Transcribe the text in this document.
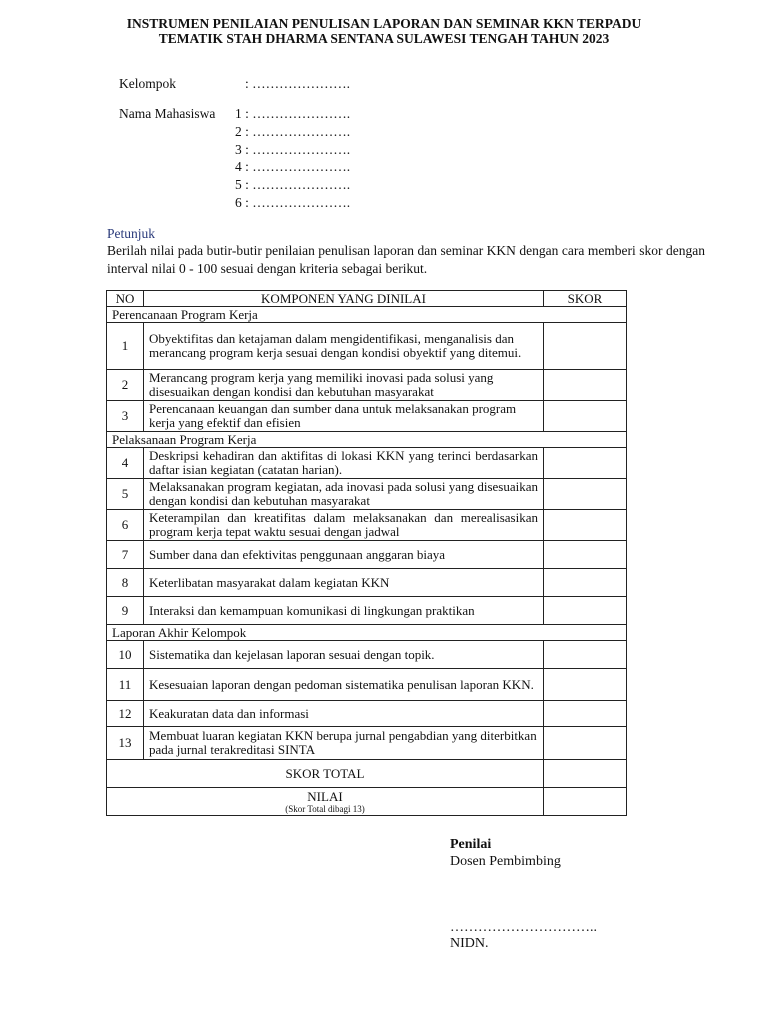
INSTRUMEN PENILAIAN PENULISAN LAPORAN DAN SEMINAR KKN TERPADU
TEMATIK STAH DHARMA SENTANA SULAWESI TENGAH TAHUN 2023
Kelompok	: ………………….
Nama Mahasiswa 1 : ………………….
2 : ………………….
3 : ………………….
4 : ………………….
5 : ………………….
6 : ………………….
Petunjuk
Berilah nilai pada butir-butir penilaian penulisan laporan dan seminar KKN dengan cara memberi skor dengan interval nilai 0 - 100 sesuai dengan kriteria sebagai berikut.
NO	KOMPONEN YANG DINILAI	SKOR
Perencanaan Program Kerja		
1	Obyektifitas dan ketajaman dalam mengidentifikasi, menganalisis dan merancang program kerja sesuai dengan kondisi obyektif yang ditemui.	
2	Merancang program kerja yang memiliki inovasi pada solusi yang disesuaikan dengan kondisi dan kebutuhan masyarakat	
3	Perencanaan keuangan dan sumber dana untuk melaksanakan program kerja yang efektif dan efisien	
Pelaksanaan Program Kerja		
4	Deskripsi kehadiran dan aktifitas di lokasi KKN yang terinci berdasarkan daftar isian kegiatan (catatan harian).	
5	Melaksanakan program kegiatan, ada inovasi pada solusi yang disesuaikan dengan kondisi dan kebutuhan masyarakat	
6	Keterampilan dan kreatifitas dalam melaksanakan dan merealisasikan program kerja tepat waktu sesuai dengan jadwal	
7	Sumber dana dan efektivitas penggunaan anggaran biaya	
8	Keterlibatan masyarakat dalam kegiatan KKN	
9	Interaksi dan kemampuan komunikasi di lingkungan praktikan	
Laporan Akhir Kelompok		
10	Sistematika dan kejelasan laporan sesuai dengan topik.	
11	Kesesuaian laporan dengan pedoman sistematika penulisan laporan KKN.	
12	Keakuratan data dan informasi	
13	Membuat luaran kegiatan KKN berupa jurnal pengabdian yang diterbitkan pada jurnal terakreditasi SINTA	
SKOR TOTAL		

NILAI
(Skor Total dibagi 13)		

Penilai
Dosen Pembimbing
…………………………..
NIDN.
